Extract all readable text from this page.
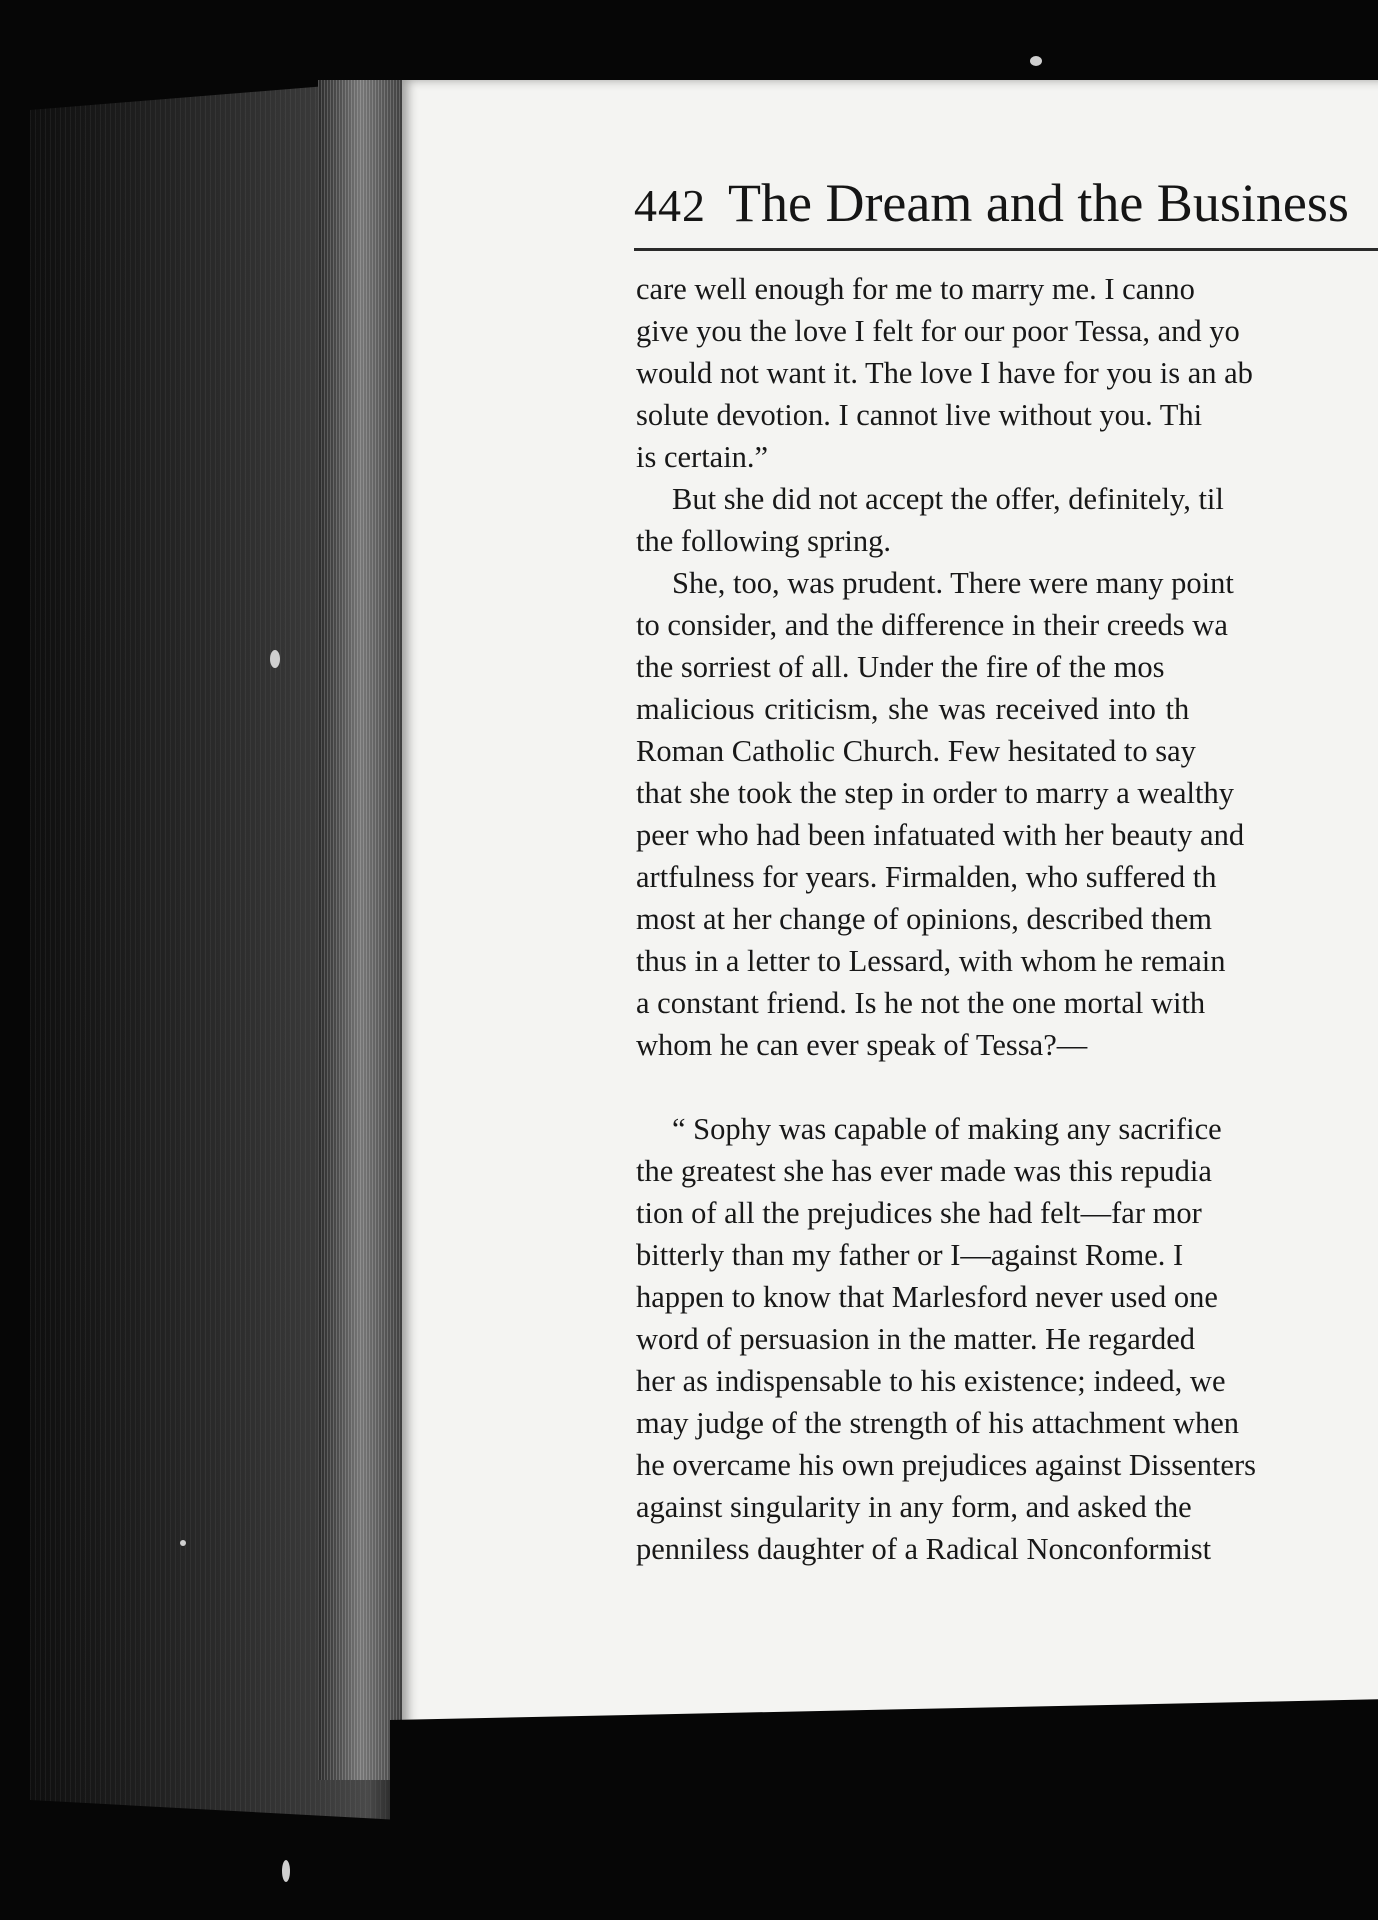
442 The Dream and the Business
care well enough for me to marry me. I canno
give you the love I felt for our poor Tessa, and yo
would not want it. The love I have for you is an ab
solute devotion. I cannot live without you. Thi
is certain.”
But she did not accept the offer, definitely, til
the following spring.
She, too, was prudent. There were many point
to consider, and the difference in their creeds wa
the sorriest of all. Under the fire of the mos
malicious criticism, she was received into th
Roman Catholic Church. Few hesitated to say
that she took the step in order to marry a wealthy
peer who had been infatuated with her beauty and
artfulness for years. Firmalden, who suffered th
most at her change of opinions, described them
thus in a letter to Lessard, with whom he remain
a constant friend. Is he not the one mortal with
whom he can ever speak of Tessa?—
“ Sophy was capable of making any sacrifice
the greatest she has ever made was this repudia
tion of all the prejudices she had felt—far mor
bitterly than my father or I—against Rome. I
happen to know that Marlesford never used one
word of persuasion in the matter. He regarded
her as indispensable to his existence; indeed, we
may judge of the strength of his attachment when
he overcame his own prejudices against Dissenters
against singularity in any form, and asked the
penniless daughter of a Radical Nonconformist
